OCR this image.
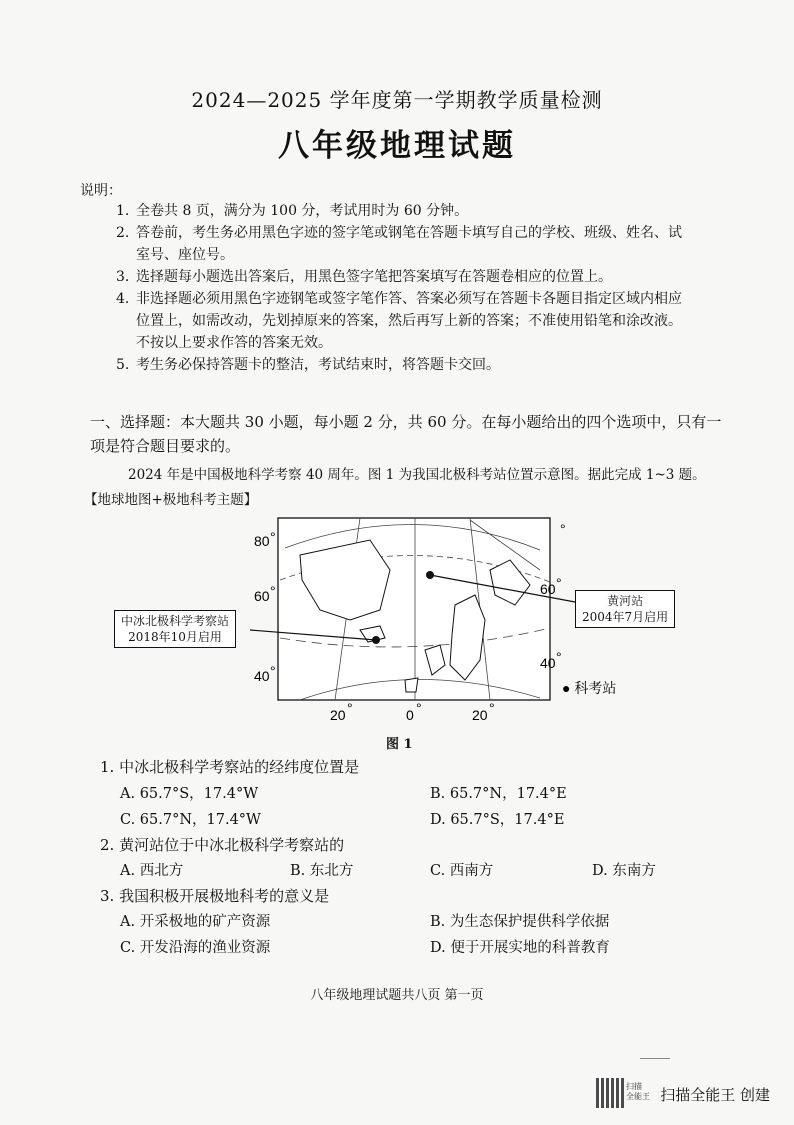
2024—2025 学年度第一学期教学质量检测
八年级地理试题
说明：
1. 全卷共 8 页，满分为 100 分，考试用时为 60 分钟。
2. 答卷前，考生务必用黑色字迹的签字笔或钢笔在答题卡填写自己的学校、班级、姓名、试
室号、座位号。
3. 选择题每小题选出答案后，用黑色签字笔把答案填写在答题卷相应的位置上。
4. 非选择题必须用黑色字迹钢笔或签字笔作答、答案必须写在答题卡各题目指定区域内相应
位置上，如需改动，先划掉原来的答案，然后再写上新的答案；不准使用铅笔和涂改液。
不按以上要求作答的答案无效。
5. 考生务必保持答题卡的整洁，考试结束时，将答题卡交回。
一、选择题：本大题共 30 小题，每小题 2 分，共 60 分。在每小题给出的四个选项中，只有一
项是符合题目要求的。
2024 年是中国极地科学考察 40 周年。图 1 为我国北极科考站位置示意图。据此完成 1~3 题。
【地球地图+极地科考主题】
80 °
60 °
40 °
60 °
40 °
°
20 °	0 °	20 °
● 科考站
中冰北极科学考察站
2018年10月启用
黄河站
2004年7月启用
图 1
1. 中冰北极科学考察站的经纬度位置是
A. 65.7°S，17.4°W	B. 65.7°N，17.4°E
C. 65.7°N，17.4°W	D. 65.7°S，17.4°E
2. 黄河站位于中冰北极科学考察站的
A. 西北方	B. 东北方	C. 西南方	D. 东南方
3. 我国积极开展极地科考的意义是
A. 开采极地的矿产资源	B. 为生态保护提供科学依据
C. 开发沿海的渔业资源	D. 便于开展实地的科普教育
八年级地理试题共八页 第一页
扫描
全能王 扫描全能王 创建
